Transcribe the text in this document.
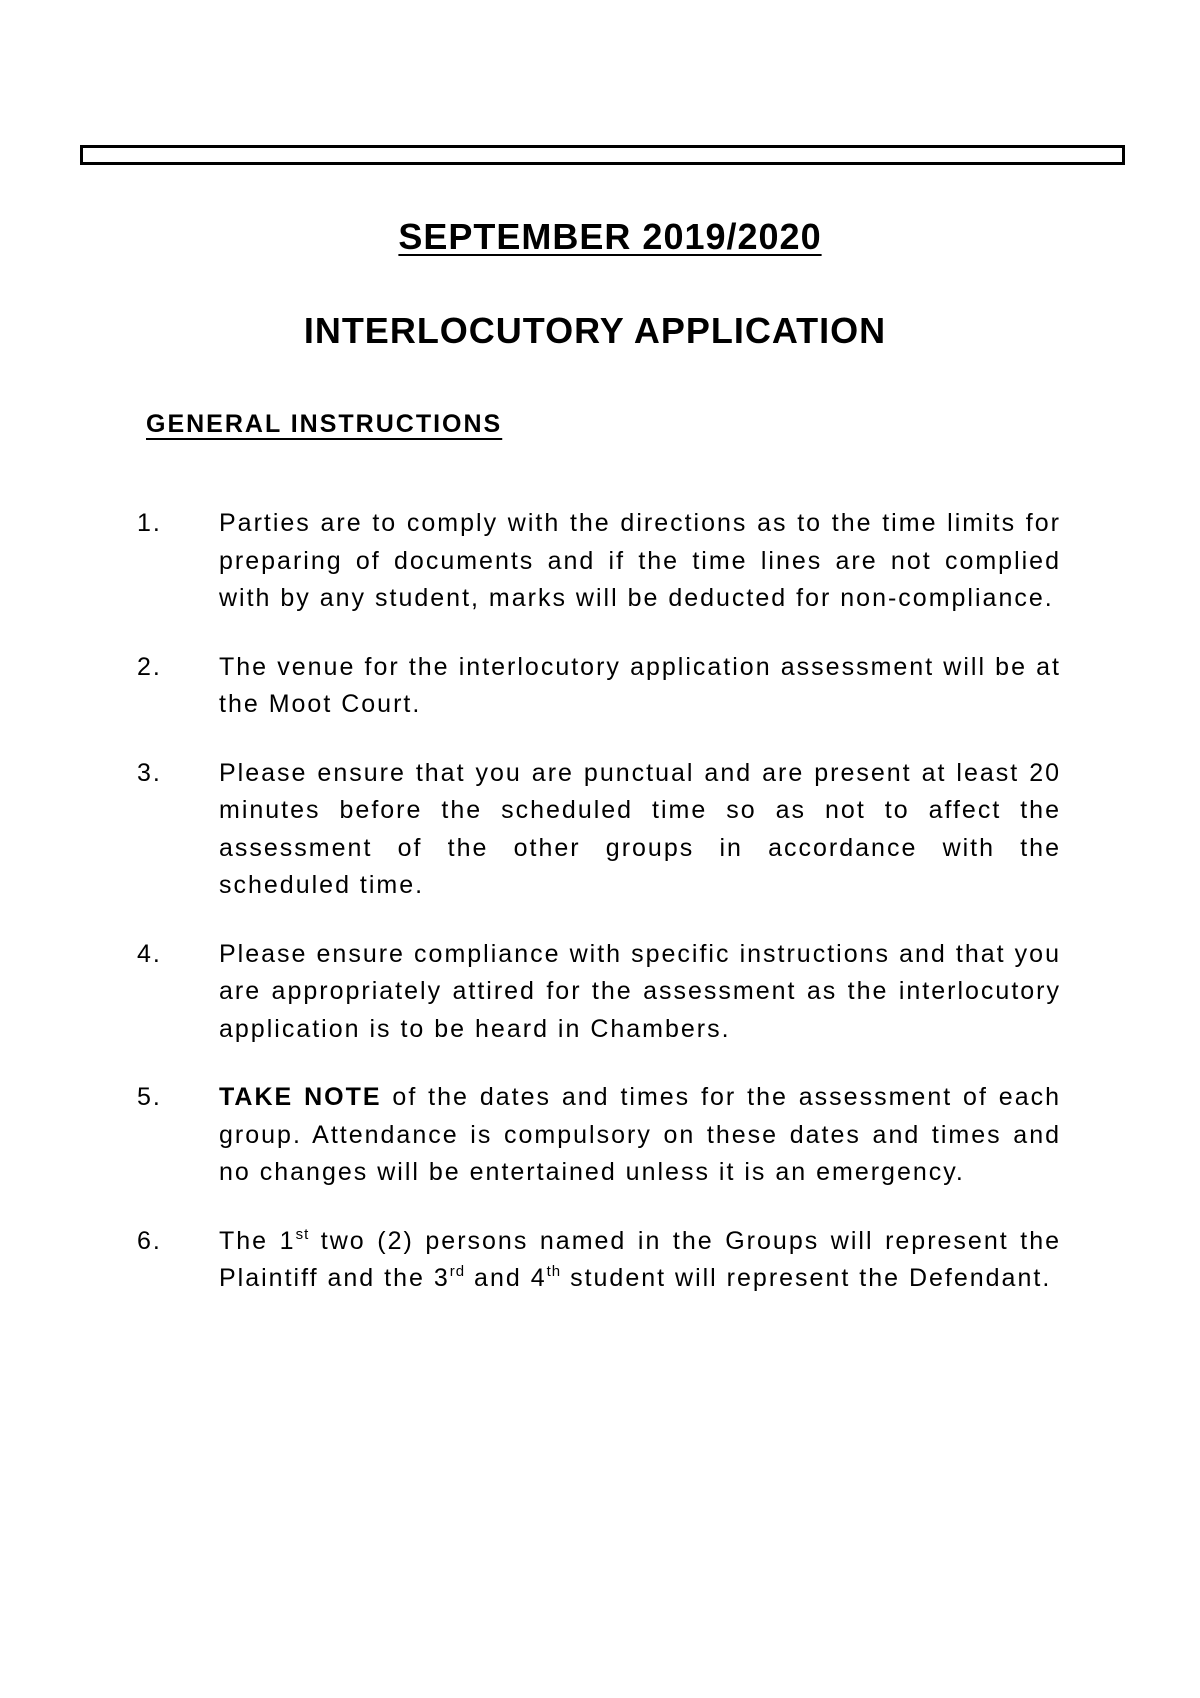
SEPTEMBER 2019/2020
INTERLOCUTORY APPLICATION
GENERAL INSTRUCTIONS
1. Parties are to comply with the directions as to the time limits for preparing of documents and if the time lines are not complied with by any student, marks will be deducted for non-compliance.
2. The venue for the interlocutory application assessment will be at the Moot Court.
3. Please ensure that you are punctual and are present at least 20 minutes before the scheduled time so as not to affect the assessment of the other groups in accordance with the scheduled time.
4. Please ensure compliance with specific instructions and that you are appropriately attired for the assessment as the interlocutory application is to be heard in Chambers.
5. TAKE NOTE of the dates and times for the assessment of each group. Attendance is compulsory on these dates and times and no changes will be entertained unless it is an emergency.
6. The 1st two (2) persons named in the Groups will represent the Plaintiff and the 3rd and 4th student will represent the Defendant.
